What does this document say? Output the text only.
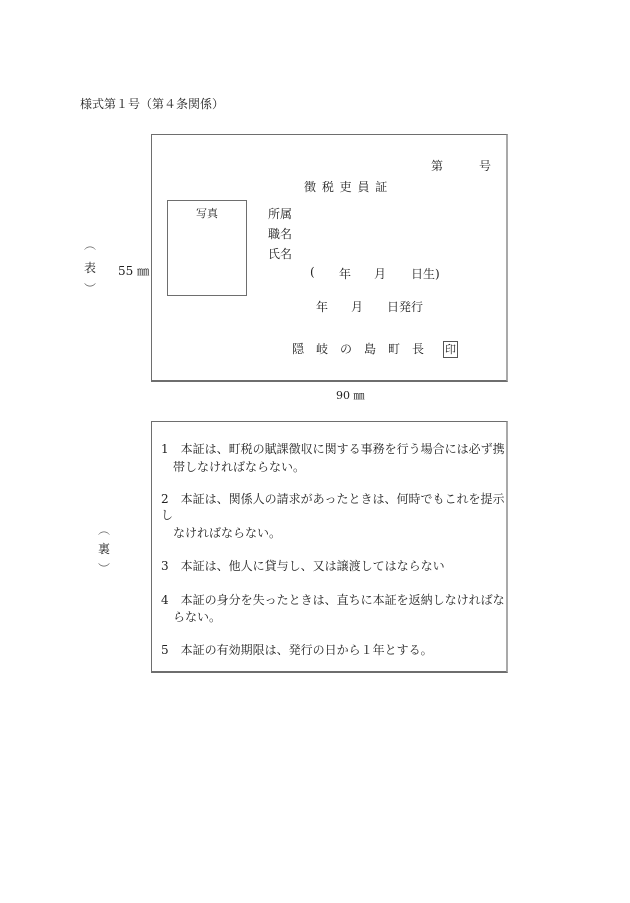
様式第１号（第４条関係）
︵
表
︶
55 ㎜
第	号
徴 税 吏 員 証
写真	所属
職名
氏名
( 年 月 日生)
年 月 日発行
隠　岐　の　島　町　長 印
90 ㎜
︵
裏
︶
1　本証は、町税の賦課徴収に関する事務を行う場合には必ず携
　帯しなければならない。
2　本証は、関係人の請求があったときは、何時でもこれを提示
し
　なければならない。
3　本証は、他人に貸与し、又は譲渡してはならない
4　本証の身分を失ったときは、直ちに本証を返納しなければな
　らない。
5　本証の有効期限は、発行の日から１年とする。
